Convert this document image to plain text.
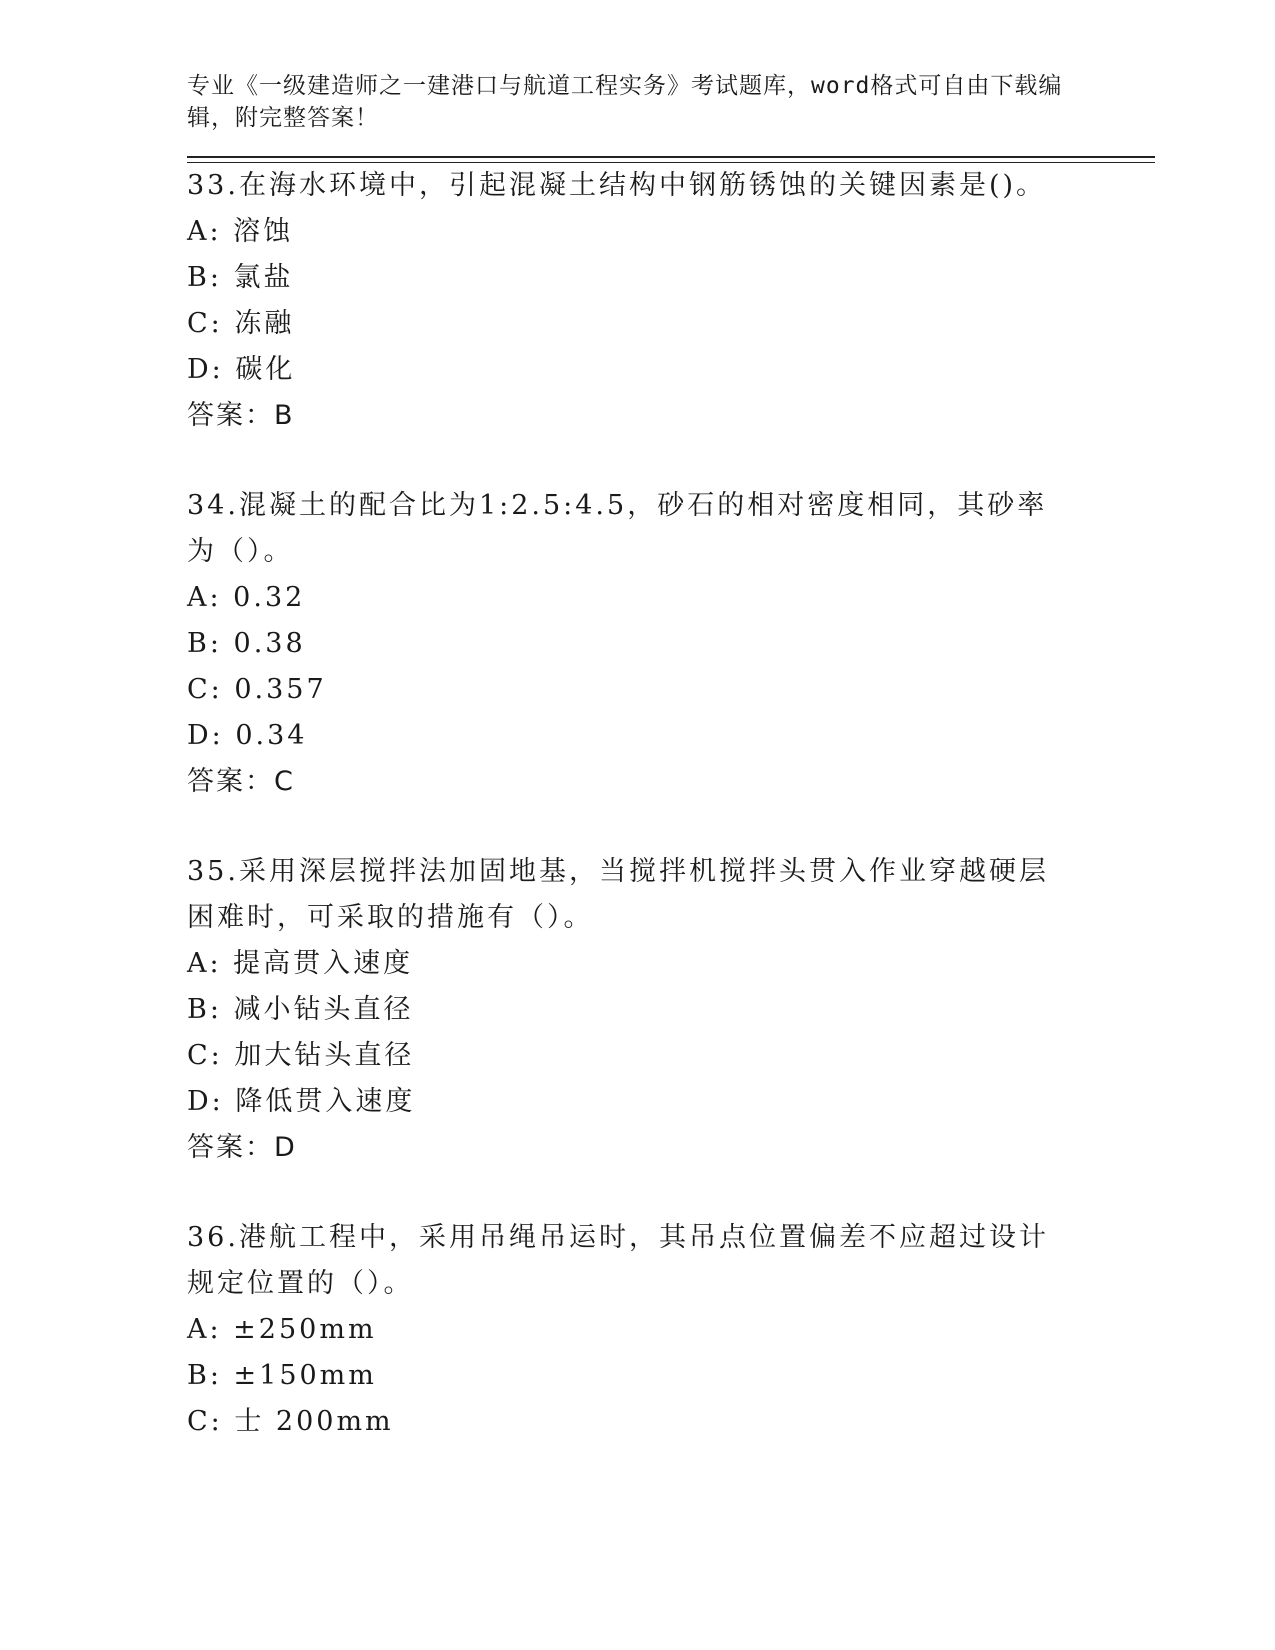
专业《一级建造师之一建港口与航道工程实务》考试题库，word格式可自由下载编辑，附完整答案！

33.在海水环境中，引起混凝土结构中钢筋锈蚀的关键因素是()。

A: 溶蚀

B: 氯盐

C: 冻融

D: 碳化

答案：B

34.混凝土的配合比为1:2.5:4.5，砂石的相对密度相同，其砂率为（）。

A: 0.32

B: 0.38

C: 0.357

D: 0.34

答案：C

35.采用深层搅拌法加固地基，当搅拌机搅拌头贯入作业穿越硬层困难时，可采取的措施有（）。

A: 提高贯入速度

B: 减小钻头直径

C: 加大钻头直径

D: 降低贯入速度

答案：D

36.港航工程中，采用吊绳吊运时，其吊点位置偏差不应超过设计规定位置的（）。

A: ±250mm

B: ±150mm

C: 士 200mm
